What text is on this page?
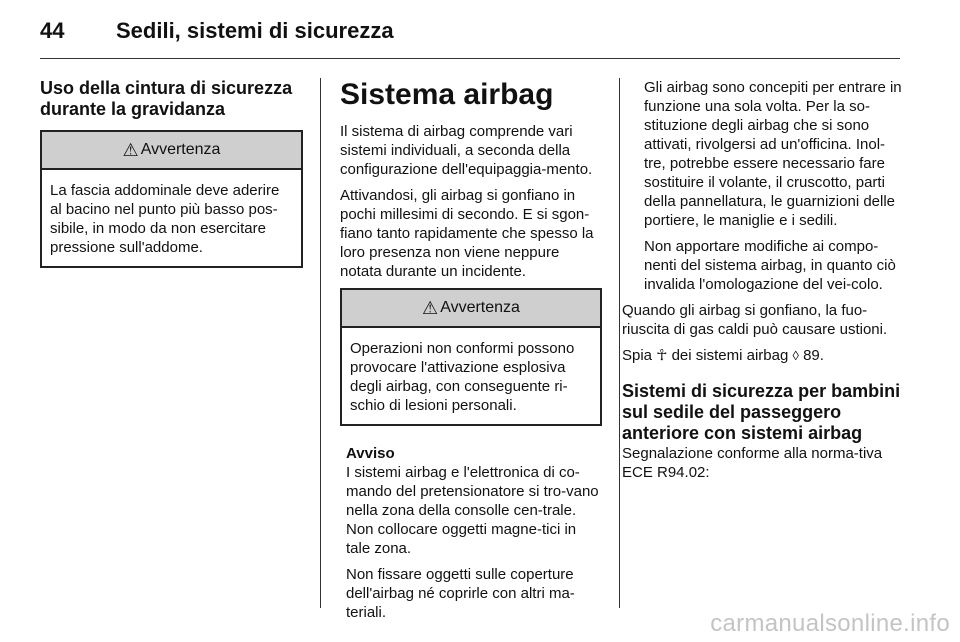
44 Sedili, sistemi di sicurezza
Uso della cintura di sicurezza durante la gravidanza
⚠ Avvertenza

La fascia addominale deve aderire al bacino nel punto più basso pos-sibile, in modo da non esercitare pressione sull'addome.

Sistema airbag

Il sistema di airbag comprende vari sistemi individuali, a seconda della configurazione dell'equipaggia-mento.

Attivandosi, gli airbag si gonfiano in pochi millesimi di secondo. E si sgon-fiano tanto rapidamente che spesso la loro presenza non viene neppure notata durante un incidente.

⚠ Avvertenza

Operazioni non conformi possono provocare l'attivazione esplosiva degli airbag, con conseguente ri-schio di lesioni personali.

Avviso

I sistemi airbag e l'elettronica di co-mando del pretensionatore si tro-vano nella zona della consolle cen-trale. Non collocare oggetti magne-tici in tale zona.

Non fissare oggetti sulle coperture dell'airbag né coprirle con altri ma-teriali.

Gli airbag sono concepiti per entrare in funzione una sola volta. Per la so-stituzione degli airbag che si sono attivati, rivolgersi ad un'officina. Inol-tre, potrebbe essere necessario fare sostituire il volante, il cruscotto, parti della pannellatura, le guarnizioni delle portiere, le maniglie e i sedili.

Non apportare modifiche ai compo-nenti del sistema airbag, in quanto ciò invalida l'omologazione del vei-colo.

Quando gli airbag si gonfiano, la fuo-riuscita di gas caldi può causare ustioni.

Spia ☥ dei sistemi airbag ◊ 89.

Sistemi di sicurezza per bambini sul sedile del passeggero anteriore con sistemi airbag

Segnalazione conforme alla norma-tiva ECE R94.02:

carmanualsonline.info
